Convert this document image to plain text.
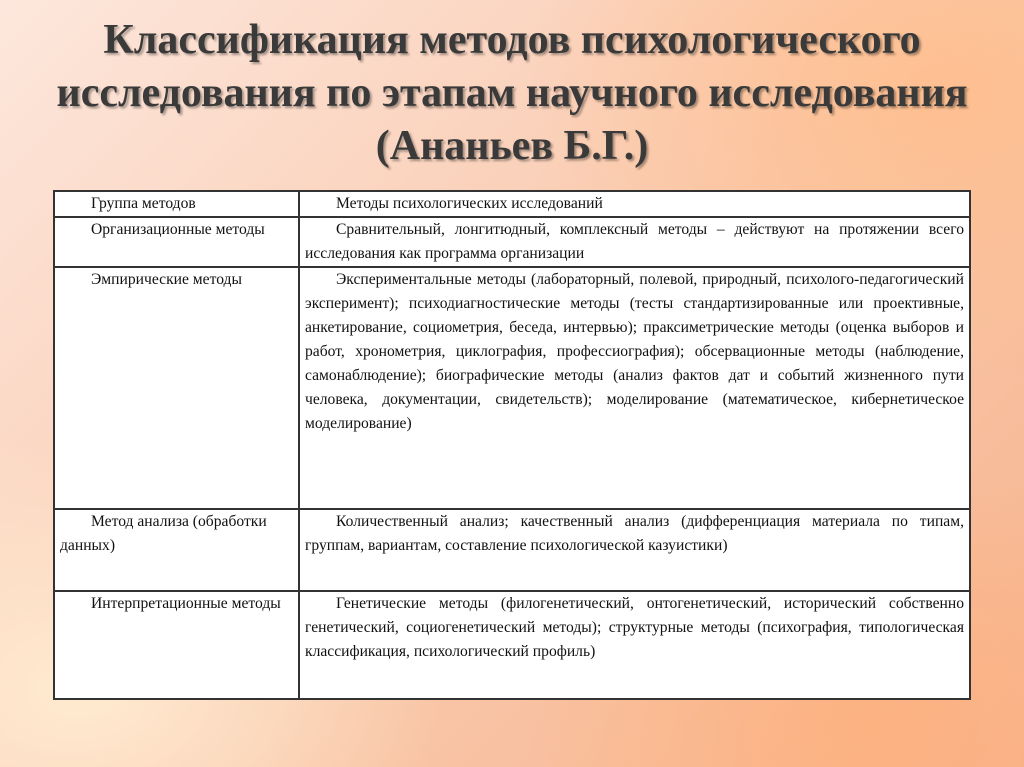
Классификация методов психологического исследования по этапам научного исследования (Ананьев Б.Г.)

Группа методов	Методы психологических исследований

Организационные методы	Сравнительный, лонгитюдный, комплексный методы – действуют на протяжении всего исследования как программа организации

Эмпирические методы	Экспериментальные методы (лабораторный, полевой, природный, психолого-педагогический эксперимент); психодиагностические методы (тесты стандартизированные или проективные, анкетирование, социометрия, беседа, интервью); праксиметрические методы (оценка выборов и работ, хронометрия, циклография, профессиография); обсервационные методы (наблюдение, самонаблюдение); биографические методы (анализ фактов дат и событий жизненного пути человека, документации, свидетельств); моделирование (математическое, кибернетическое моделирование)

Метод анализа (обработки данных)	Количественный анализ; качественный анализ (дифференциация материала по типам, группам, вариантам, составление психологической казуистики)

Интерпретационные методы	Генетические методы (филогенетический, онтогенетический, исторический собственно генетический, социогенетический методы); структурные методы (психография, типологическая классификация, психологический профиль)
